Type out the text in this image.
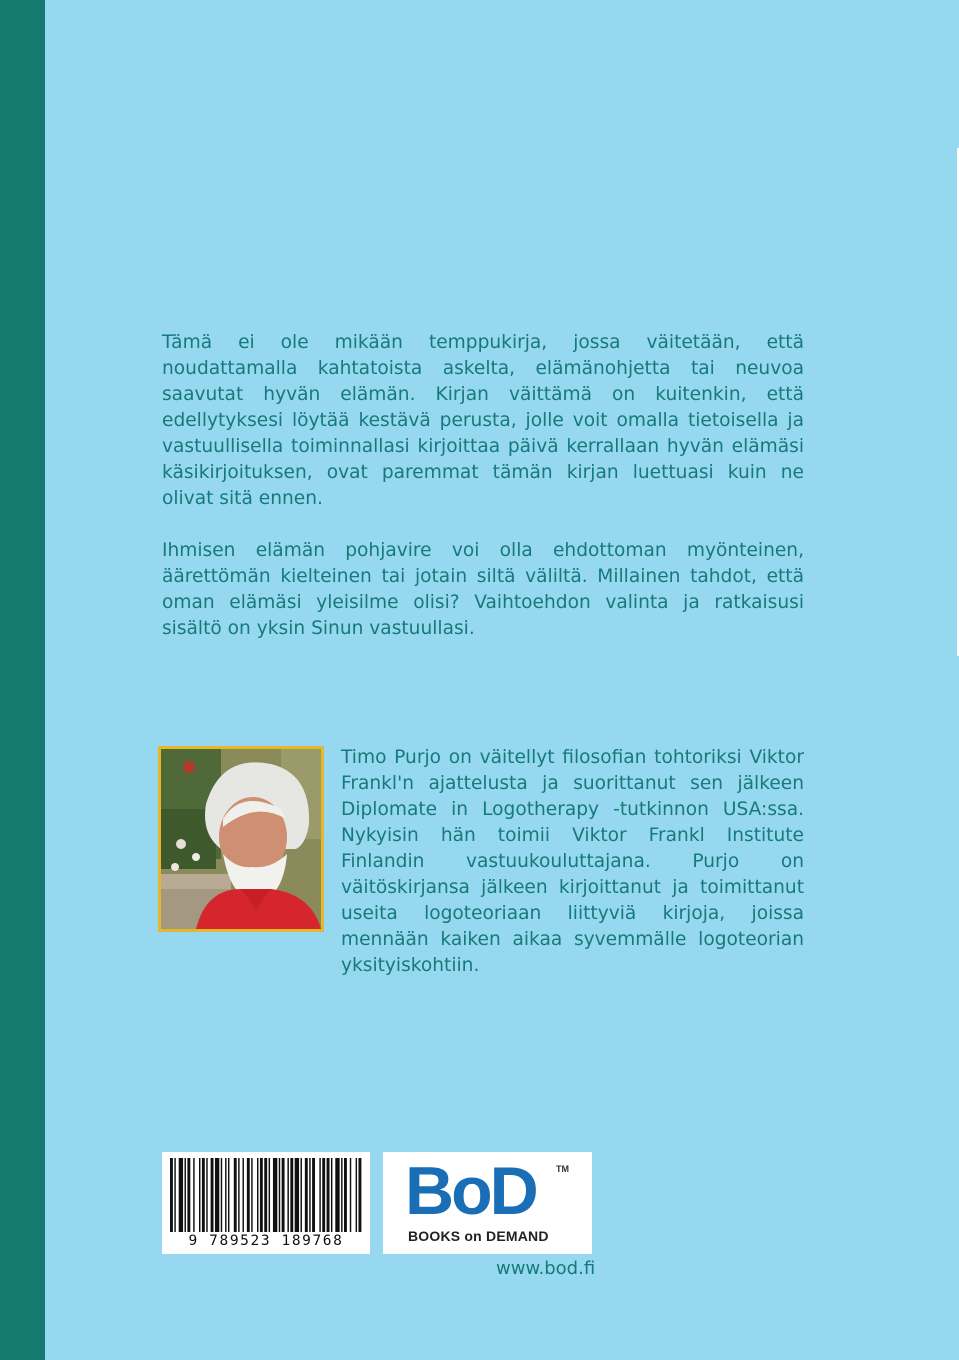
Tämä ei ole mikään temppukirja, jossa väitetään, että noudattamalla kahtatoista askelta, elämänohjetta tai neuvoa saavutat hyvän elämän. Kirjan väittämä on kuitenkin, että edellytyksesi löytää kestävä perusta, jolle voit omalla tietoisella ja vastuullisella toiminnallasi kirjoittaa päivä kerrallaan hyvän elämäsi käsikirjoituksen, ovat paremmat tämän kirjan luettuasi kuin ne olivat sitä ennen.

Ihmisen elämän pohjavire voi olla ehdottoman myönteinen, äärettömän kielteinen tai jotain siltä väliltä. Millainen tahdot, että oman elämäsi yleisilme olisi? Vaihtoehdon valinta ja ratkaisusi sisältö on yksin Sinun vastuullasi.

Timo Purjo on väitellyt filosofian tohtoriksi Viktor Frankl'n ajattelusta ja suorittanut sen jälkeen Diplomate in Logotherapy -tutkinnon USA:ssa. Nykyisin hän toimii Viktor Frankl Institute Finlandin vastuukouluttajana. Purjo on väitöskirjansa jälkeen kirjoittanut ja toimittanut useita logoteoriaan liittyviä kirjoja, joissa mennään kaiken aikaa syvemmälle logoteorian yksityiskohtiin.

9 789523 189768
BoD	TM
BOOKS on DEMAND
www.bod.fi
